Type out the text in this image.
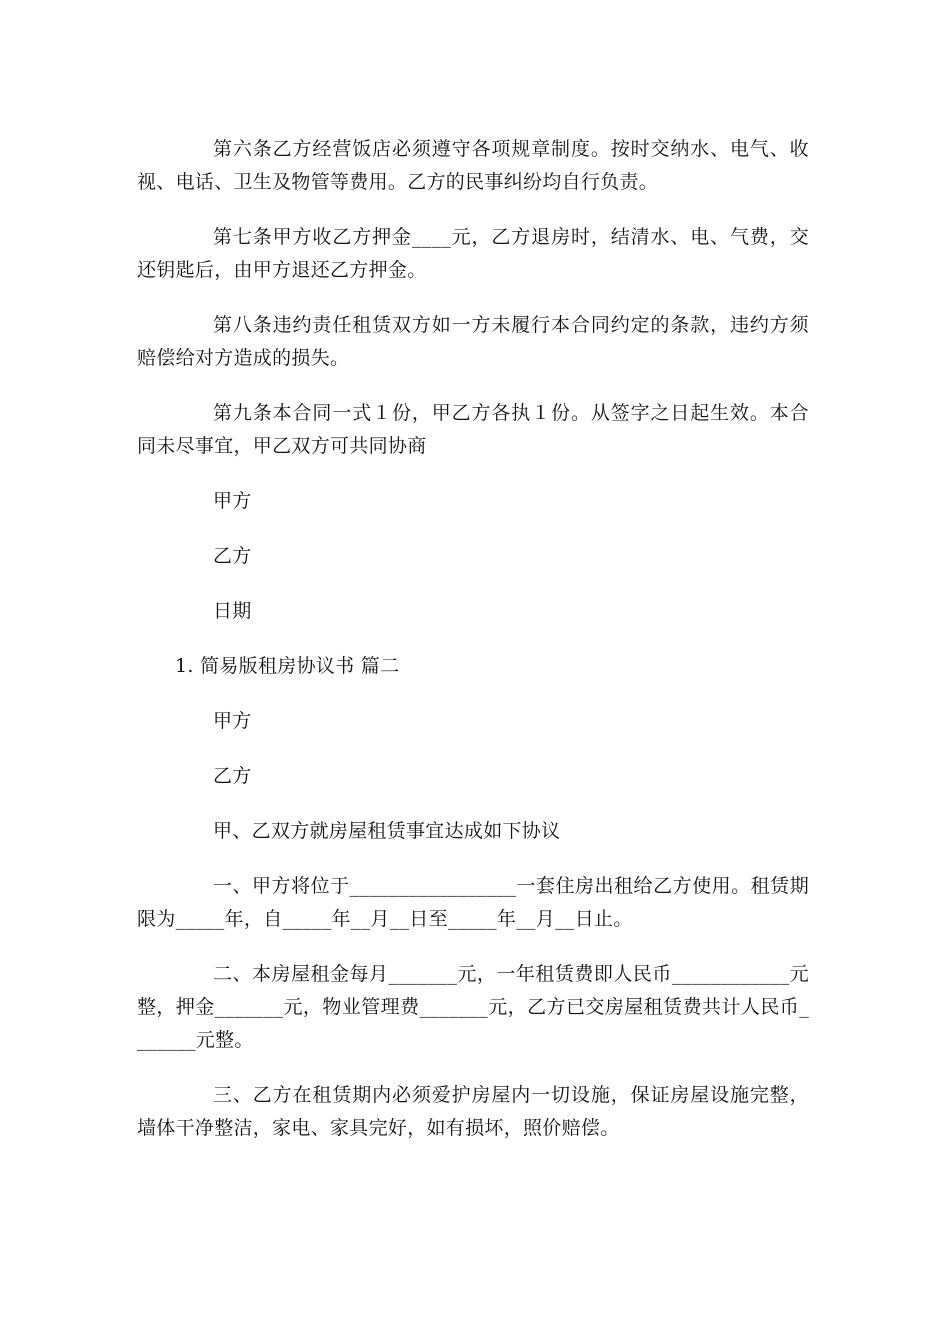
第六条乙方经营饭店必须遵守各项规章制度。按时交纳水、电气、收视、电话、卫生及物管等费用。乙方的民事纠纷均自行负责。

第七条甲方收乙方押金____元，乙方退房时，结清水、电、气费，交还钥匙后，由甲方退还乙方押金。

第八条违约责任租赁双方如一方未履行本合同约定的条款，违约方须赔偿给对方造成的损失。

第九条本合同一式１份，甲乙方各执１份。从签字之日起生效。本合同未尽事宜，甲乙双方可共同协商

甲方

乙方

日期

1. 简易版租房协议书 篇二

甲方

乙方

甲、乙双方就房屋租赁事宜达成如下协议

一、甲方将位于_________________一套住房出租给乙方使用。租赁期限为_____年，自_____年__月__日至_____年__月__日止。

二、本房屋租金每月_______元，一年租赁费即人民币____________元整，押金_______元，物业管理费_______元，乙方已交房屋租赁费共计人民币_______元整。

三、乙方在租赁期内必须爱护房屋内一切设施，保证房屋设施完整，墙体干净整洁，家电、家具完好，如有损坏，照价赔偿。
